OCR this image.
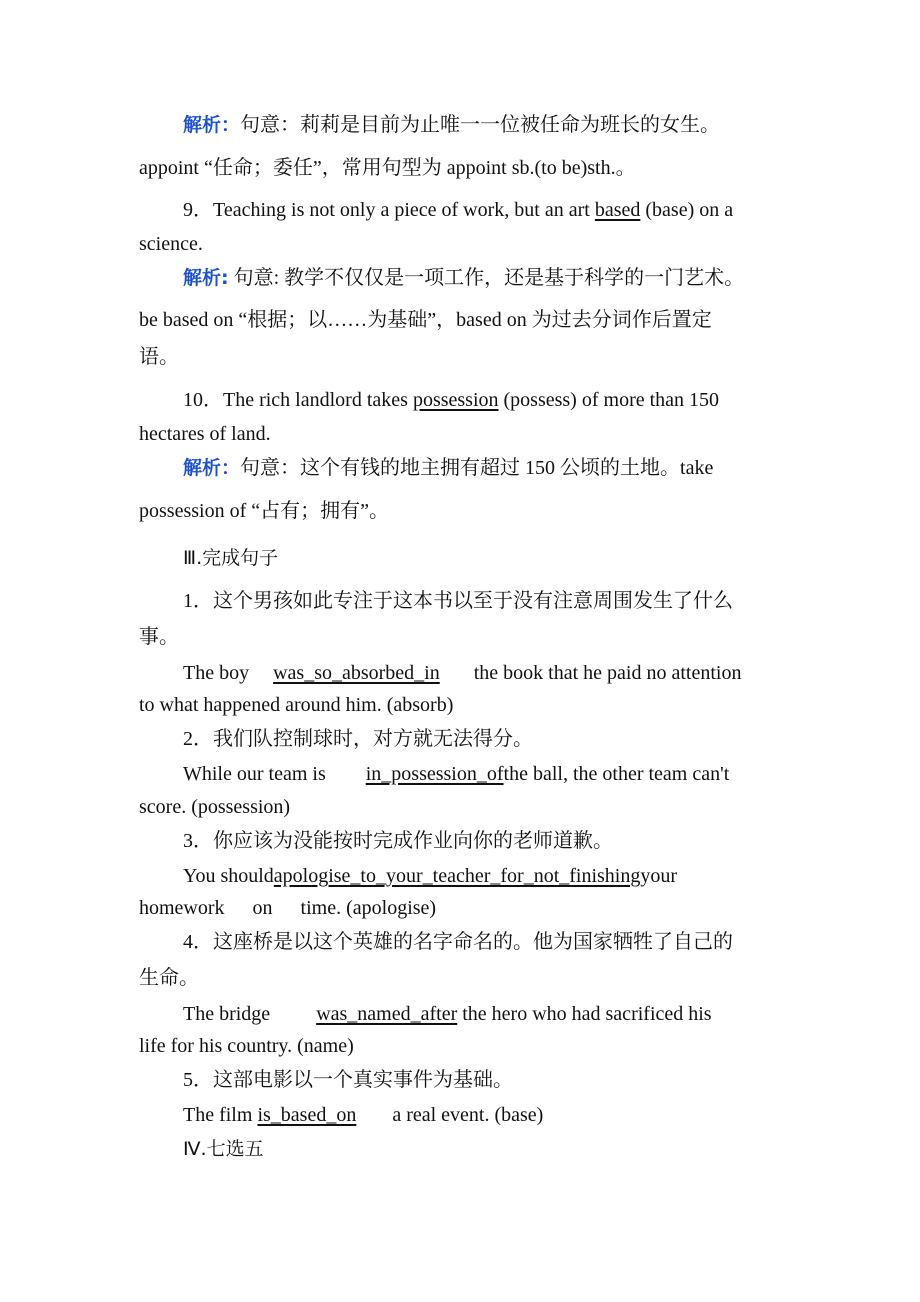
解析：句意：莉莉是目前为止唯一一位被任命为班长的女生。
appoint “任命；委任”，常用句型为 appoint sb.(to be)sth.。
9．Teaching is not only a piece of work, but an art based (base) on a
science.
解析: 句意: 教学不仅仅是一项工作，还是基于科学的一门艺术。
be based on “根据；以……为基础”，based on 为过去分词作后置定
语。
10．The rich landlord takes possession (possess) of more than 150
hectares of land.
解析：句意：这个有钱的地主拥有超过 150 公顷的土地。take
possession of “占有；拥有”。
Ⅲ.完成句子
1．这个男孩如此专注于这本书以至于没有注意周围发生了什么
事。
The boy was_so_absorbed_in the book that he paid no attention
to what happened around him. (absorb)
2．我们队控制球时，对方就无法得分。
While our team is in_possession_ofthe ball, the other team can't
score. (possession)
3．你应该为没能按时完成作业向你的老师道歉。
You shouldapologise_to_your_teacher_for_not_finishingyour
homework on time. (apologise)
4．这座桥是以这个英雄的名字命名的。他为国家牺牲了自己的
生命。
The bridge was_named_after the hero who had sacrificed his
life for his country. (name)
5．这部电影以一个真实事件为基础。
The film is_based_on a real event. (base)
Ⅳ.七选五
